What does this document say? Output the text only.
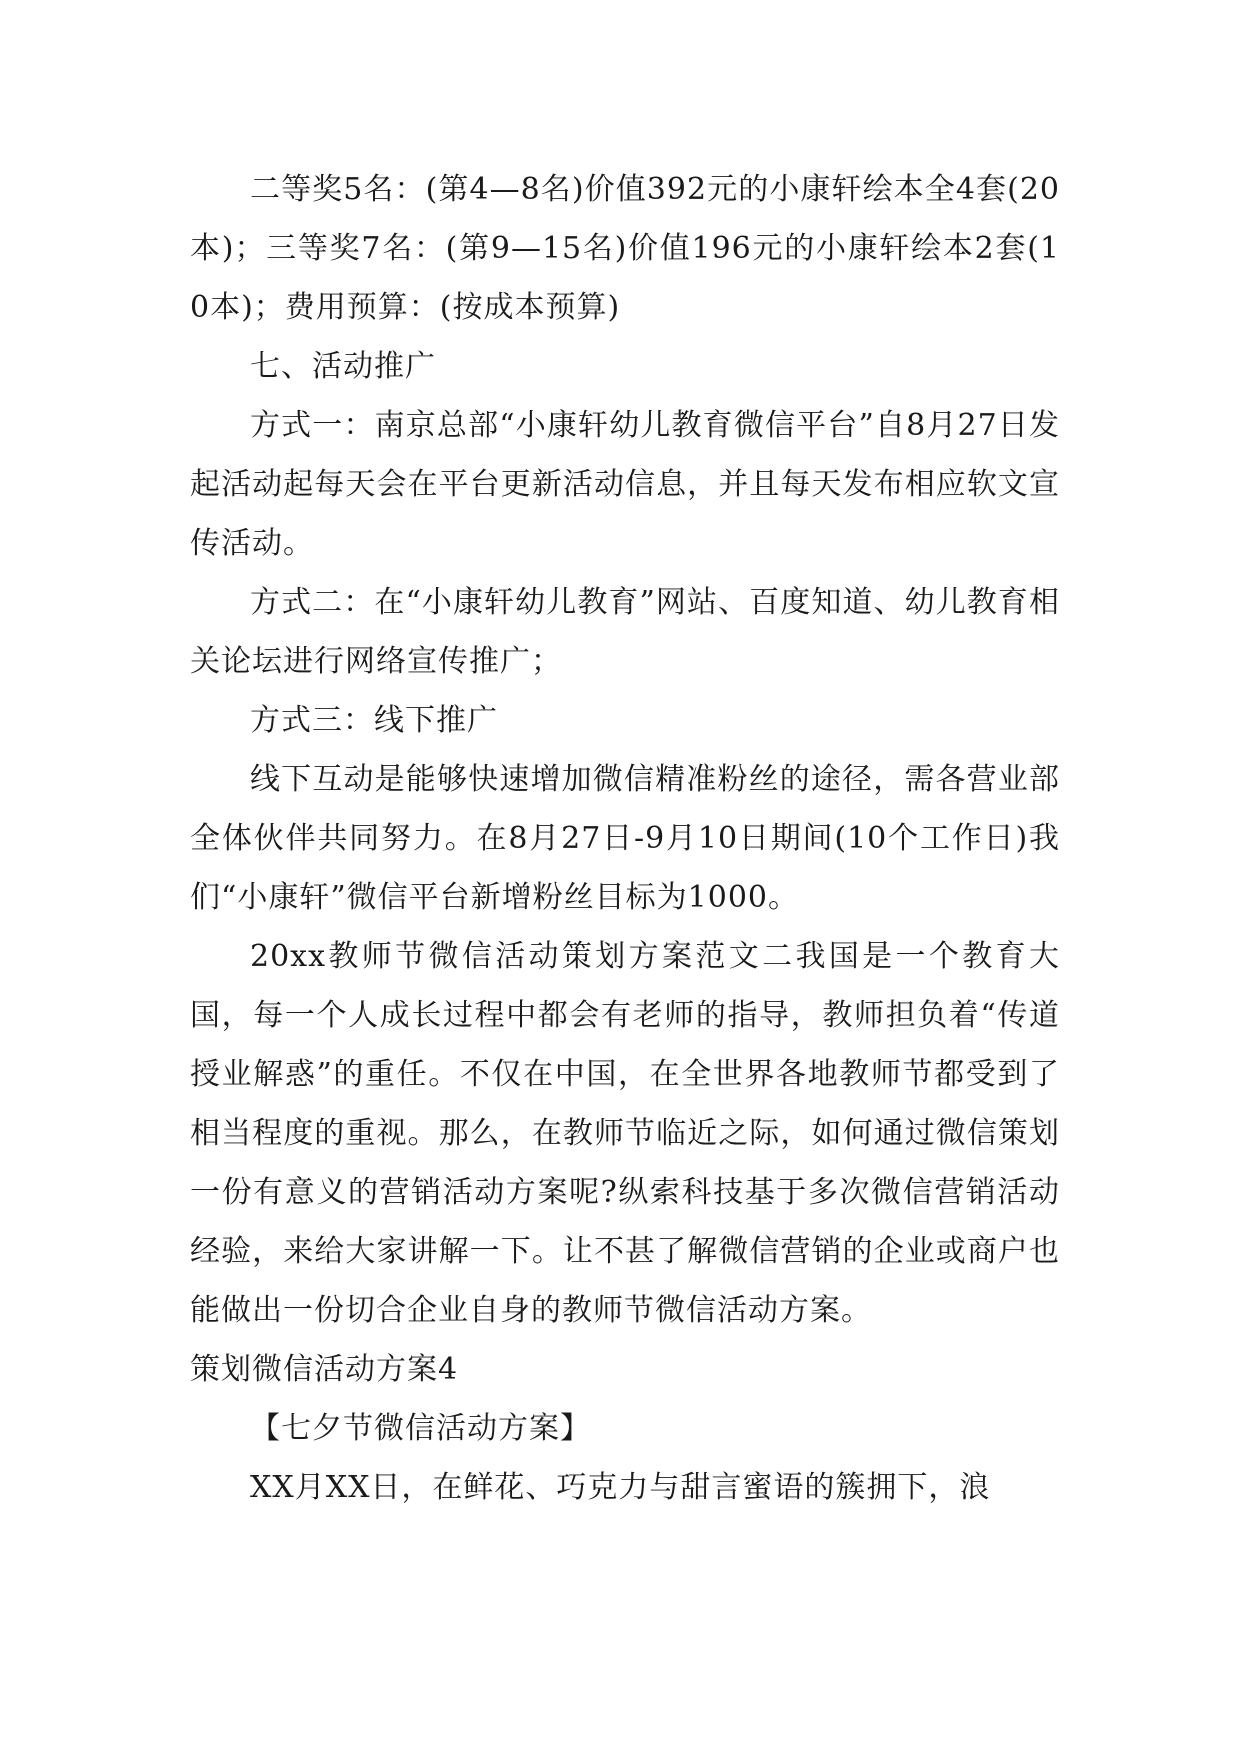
二等奖5名：(第4—8名)价值392元的小康轩绘本全4套(20本)；三等奖7名：(第9—15名)价值196元的小康轩绘本2套(10本)；费用预算：(按成本预算)

七、活动推广

方式一：南京总部“小康轩幼儿教育微信平台”自8月27日发起活动起每天会在平台更新活动信息，并且每天发布相应软文宣传活动。

方式二：在“小康轩幼儿教育”网站、百度知道、幼儿教育相关论坛进行网络宣传推广；

方式三：线下推广

线下互动是能够快速增加微信精准粉丝的途径，需各营业部全体伙伴共同努力。在8月27日-9月10日期间(10个工作日)我们“小康轩”微信平台新增粉丝目标为1000。

20xx教师节微信活动策划方案范文二我国是一个教育大国，每一个人成长过程中都会有老师的指导，教师担负着“传道授业解惑”的重任。不仅在中国，在全世界各地教师节都受到了相当程度的重视。那么，在教师节临近之际，如何通过微信策划一份有意义的营销活动方案呢?纵索科技基于多次微信营销活动经验，来给大家讲解一下。让不甚了解微信营销的企业或商户也能做出一份切合企业自身的教师节微信活动方案。

策划微信活动方案4

【七夕节微信活动方案】

XX月XX日，在鲜花、巧克力与甜言蜜语的簇拥下，浪
